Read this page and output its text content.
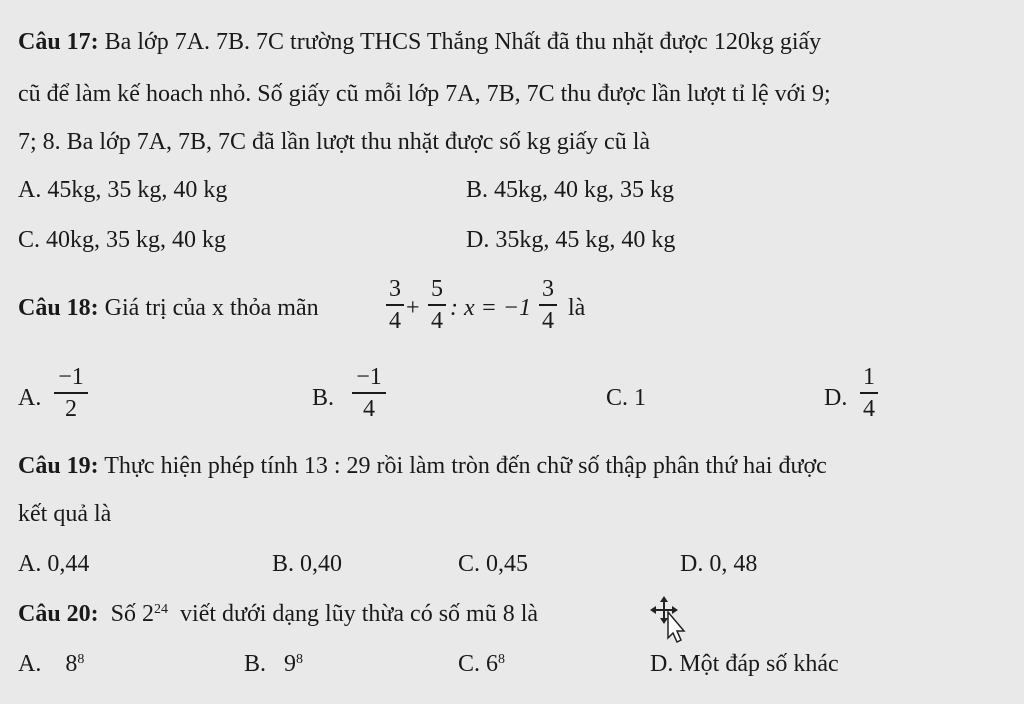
Câu 17: Ba lớp 7A. 7B. 7C trường THCS Thắng Nhất đã thu nhặt được 120kg giấy
cũ để làm kế hoach nhỏ. Số giấy cũ mỗi lớp 7A, 7B, 7C thu được lần lượt tỉ lệ với 9;
7; 8. Ba lớp 7A, 7B, 7C đã lần lượt thu nhặt được số kg giấy cũ là
A. 45kg, 35 kg, 40 kg	B. 45kg, 40 kg, 35 kg
C. 40kg, 35 kg, 40 kg	D. 35kg, 45 kg, 40 kg
Câu 18: Giá trị của x thỏa mãn
3
4 +
5
4 : x = −1
3
4 là
A.
−1
2	B.
−1
4	C. 1	D.
1
4
Câu 19: Thực hiện phép tính 13 : 29 rồi làm tròn đến chữ số thập phân thứ hai được
kết quả là
A. 0,44	B. 0,40	C. 0,45	D. 0, 48
Câu 20: Số $2^{24}$ viết dưới dạng lũy thừa có số mũ 8 là
A. $8^8$	B. $9^8$	C. $6^8$	D. Một đáp số khác
